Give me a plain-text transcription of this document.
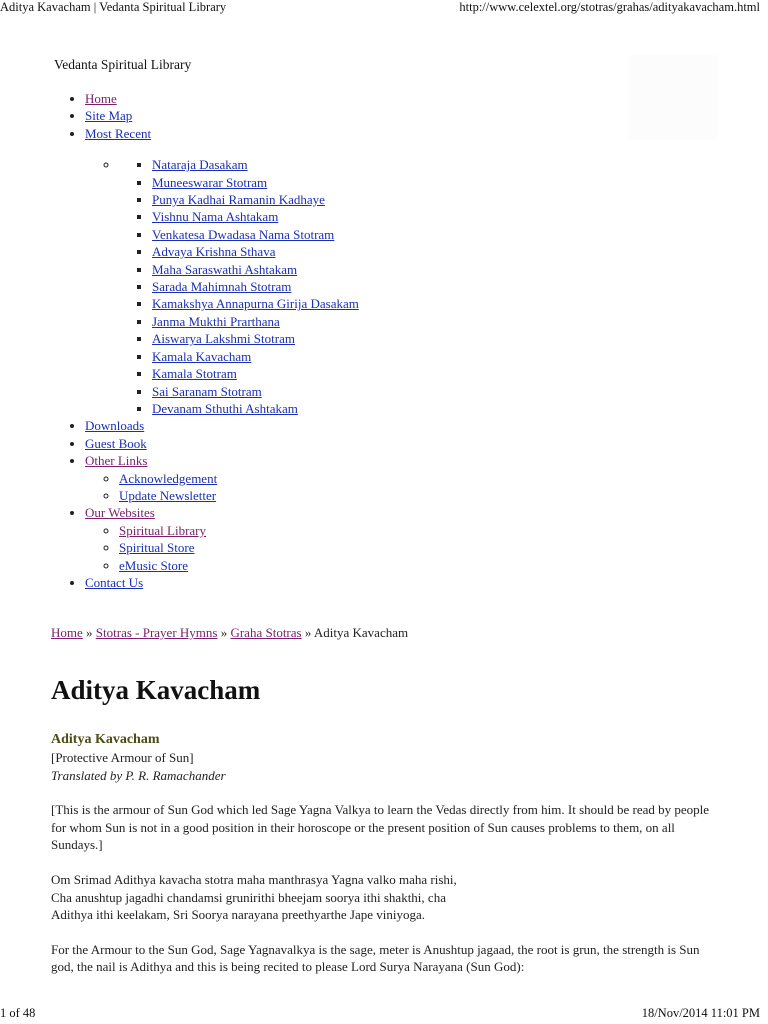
Aditya Kavacham | Vedanta Spiritual Library	http://www.celextel.org/stotras/grahas/adityakavacham.html
Vedanta Spiritual Library
• Home
• Site Map
• Most Recent
▪ ◦ Nataraja Dasakam
▪ Muneeswarar Stotram
▪ Punya Kadhai Ramanin Kadhaye
▪ Vishnu Nama Ashtakam
▪ Venkatesa Dwadasa Nama Stotram
▪ Advaya Krishna Sthava
▪ Maha Saraswathi Ashtakam
▪ Sarada Mahimnah Stotram
▪ Kamakshya Annapurna Girija Dasakam
▪ Janma Mukthi Prarthana
▪ Aiswarya Lakshmi Stotram
▪ Kamala Kavacham
▪ Kamala Stotram
▪ Sai Saranam Stotram
▪ Devanam Sthuthi Ashtakam
• Downloads
• Guest Book
• Other Links
◦ Acknowledgement
◦ Update Newsletter
• Our Websites
◦ Spiritual Library
◦ Spiritual Store
◦ eMusic Store
• Contact Us
Home » Stotras - Prayer Hymns » Graha Stotras » Aditya Kavacham
Aditya Kavacham
Aditya Kavacham
[Protective Armour of Sun]
Translated by P. R. Ramachander

[This is the armour of Sun God which led Sage Yagna Valkya to learn the Vedas directly from him. It should be read by people for whom Sun is not in a good position in their horoscope or the present position of Sun causes problems to them, on all Sundays.]

Om Srimad Adithya kavacha stotra maha manthrasya Yagna valko maha rishi,
Cha anushtup jagadhi chandamsi grunirithi bheejam soorya ithi shakthi, cha
Adithya ithi keelakam, Sri Soorya narayana preethyarthe Jape viniyoga.

For the Armour to the Sun God, Sage Yagnavalkya is the sage, meter is Anushtup jagaad, the root is grun, the strength is Sun god, the nail is Adithya and this is being recited to please Lord Surya Narayana (Sun God):

1 of 48	18/Nov/2014 11:01 PM
